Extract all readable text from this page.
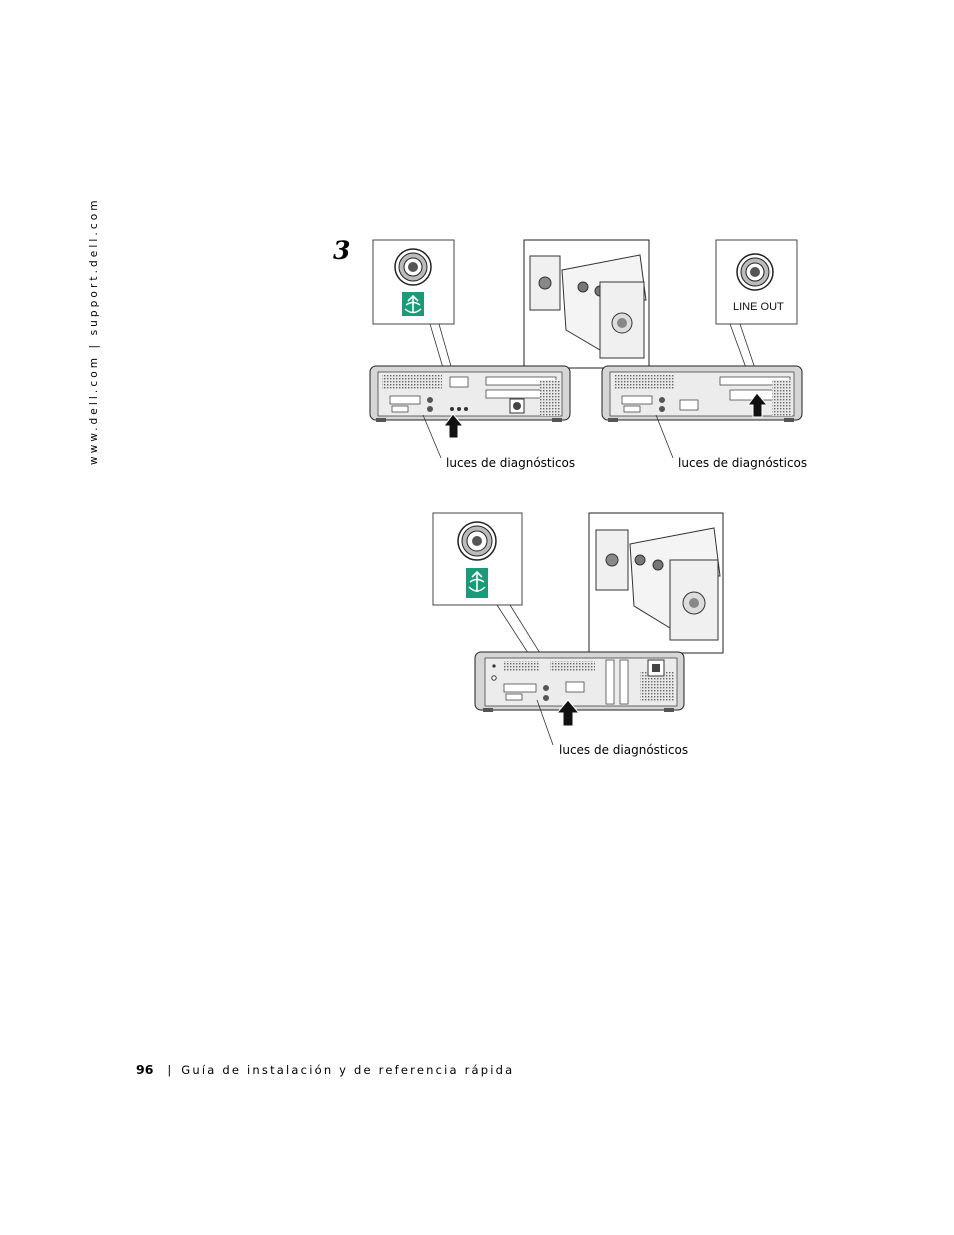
www.dell.com | support.dell.com	3
LINE OUT
luces de diagnósticos	luces de diagnósticos
luces de diagnósticos
96 | Guía de instalación y de referencia rápida
